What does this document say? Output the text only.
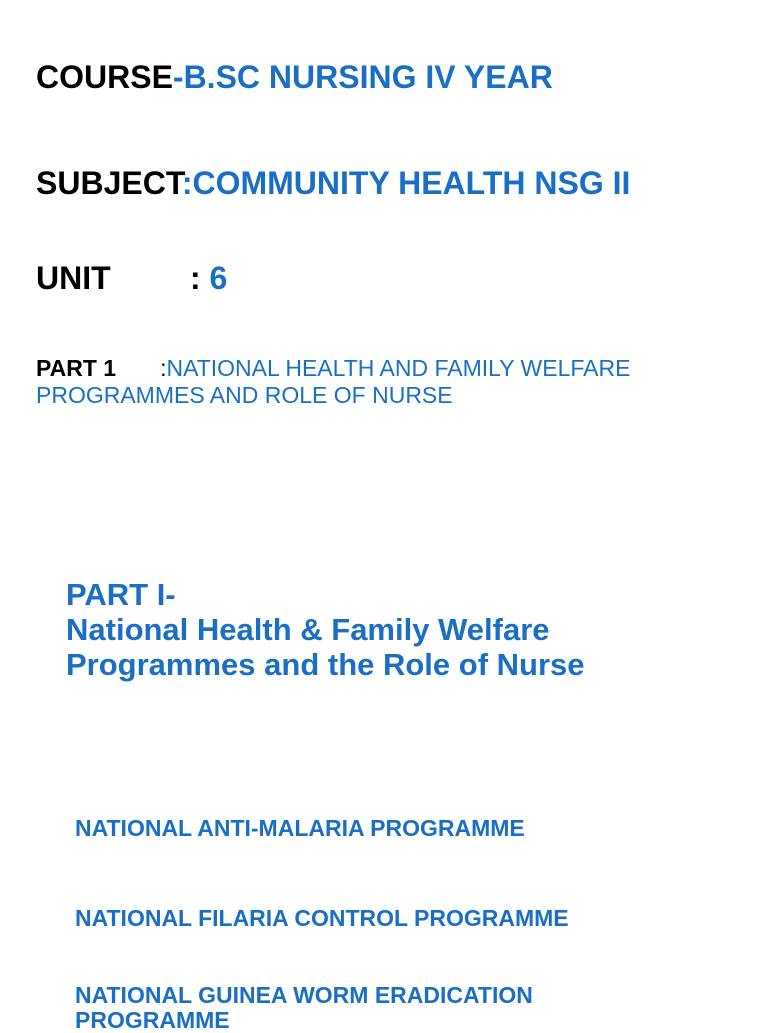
COURSE-B.SC NURSING IV YEAR
SUBJECT:COMMUNITY HEALTH NSG II
UNIT : 6
PART 1 :NATIONAL HEALTH AND FAMILY WELFARE PROGRAMMES AND ROLE OF NURSE
PART I-
National Health & Family Welfare
Programmes and the Role of Nurse
NATIONAL ANTI-MALARIA PROGRAMME
NATIONAL FILARIA CONTROL PROGRAMME
NATIONAL GUINEA WORM ERADICATION PROGRAMME
